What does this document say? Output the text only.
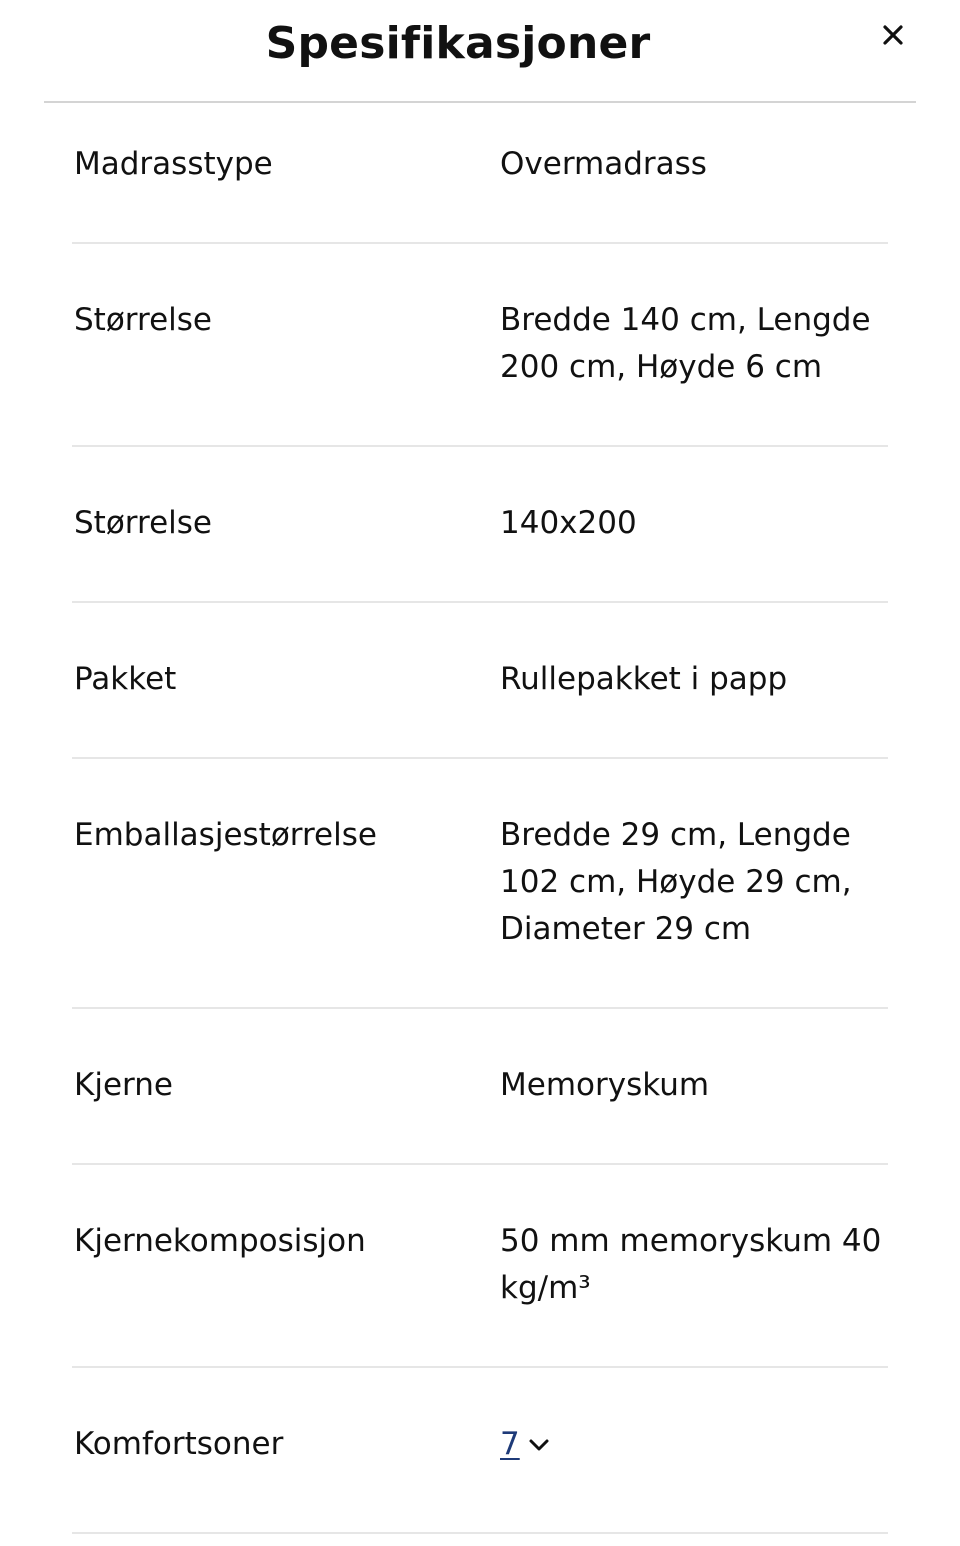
Spesifikasjoner
Madrasstype	Overmadrass
Størrelse	Bredde 140 cm, Lengde 200 cm, Høyde 6 cm
Størrelse	140x200
Pakket	Rullepakket i papp
Emballasjestørrelse	Bredde 29 cm, Lengde 102 cm, Høyde 29 cm, Diameter 29 cm
Kjerne	Memoryskum
Kjernekomposisjon	50 mm memoryskum 40 kg/m³
Komfortsoner	7
